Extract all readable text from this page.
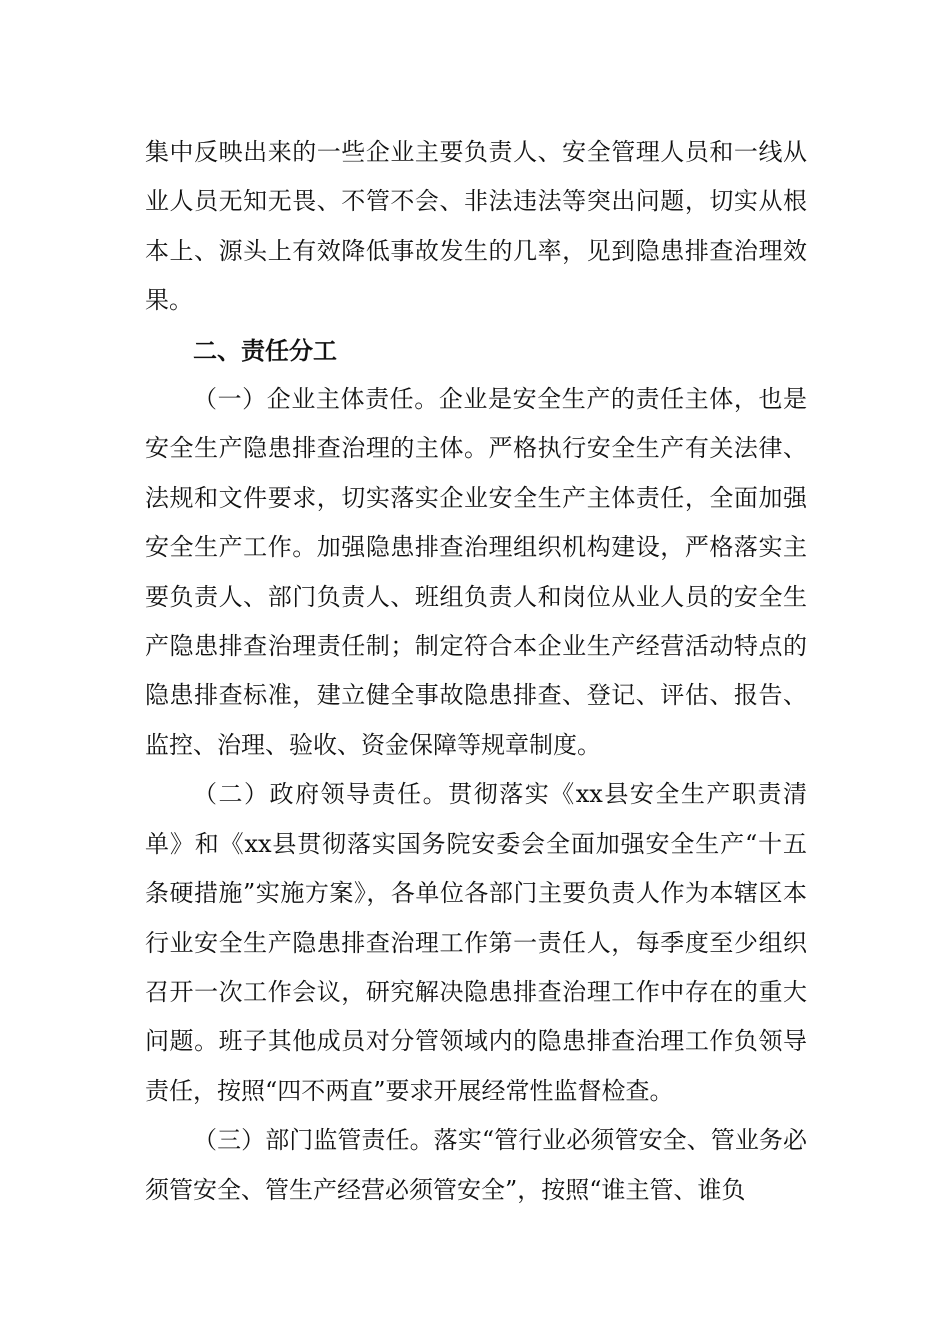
集中反映出来的一些企业主要负责人、安全管理人员和一线从业人员无知无畏、不管不会、非法违法等突出问题，切实从根本上、源头上有效降低事故发生的几率，见到隐患排查治理效果。

二、责任分工

（一）企业主体责任。企业是安全生产的责任主体，也是安全生产隐患排查治理的主体。严格执行安全生产有关法律、法规和文件要求，切实落实企业安全生产主体责任，全面加强安全生产工作。加强隐患排查治理组织机构建设，严格落实主要负责人、部门负责人、班组负责人和岗位从业人员的安全生产隐患排查治理责任制；制定符合本企业生产经营活动特点的隐患排查标准，建立健全事故隐患排查、登记、评估、报告、监控、治理、验收、资金保障等规章制度。

（二）政府领导责任。贯彻落实《xx县安全生产职责清单》和《xx县贯彻落实国务院安委会全面加强安全生产“十五条硬措施”实施方案》，各单位各部门主要负责人作为本辖区本行业安全生产隐患排查治理工作第一责任人，每季度至少组织召开一次工作会议，研究解决隐患排查治理工作中存在的重大问题。班子其他成员对分管领域内的隐患排查治理工作负领导责任，按照“四不两直”要求开展经常性监督检查。

（三）部门监管责任。落实“管行业必须管安全、管业务必须管安全、管生产经营必须管安全”，按照“谁主管、谁负
